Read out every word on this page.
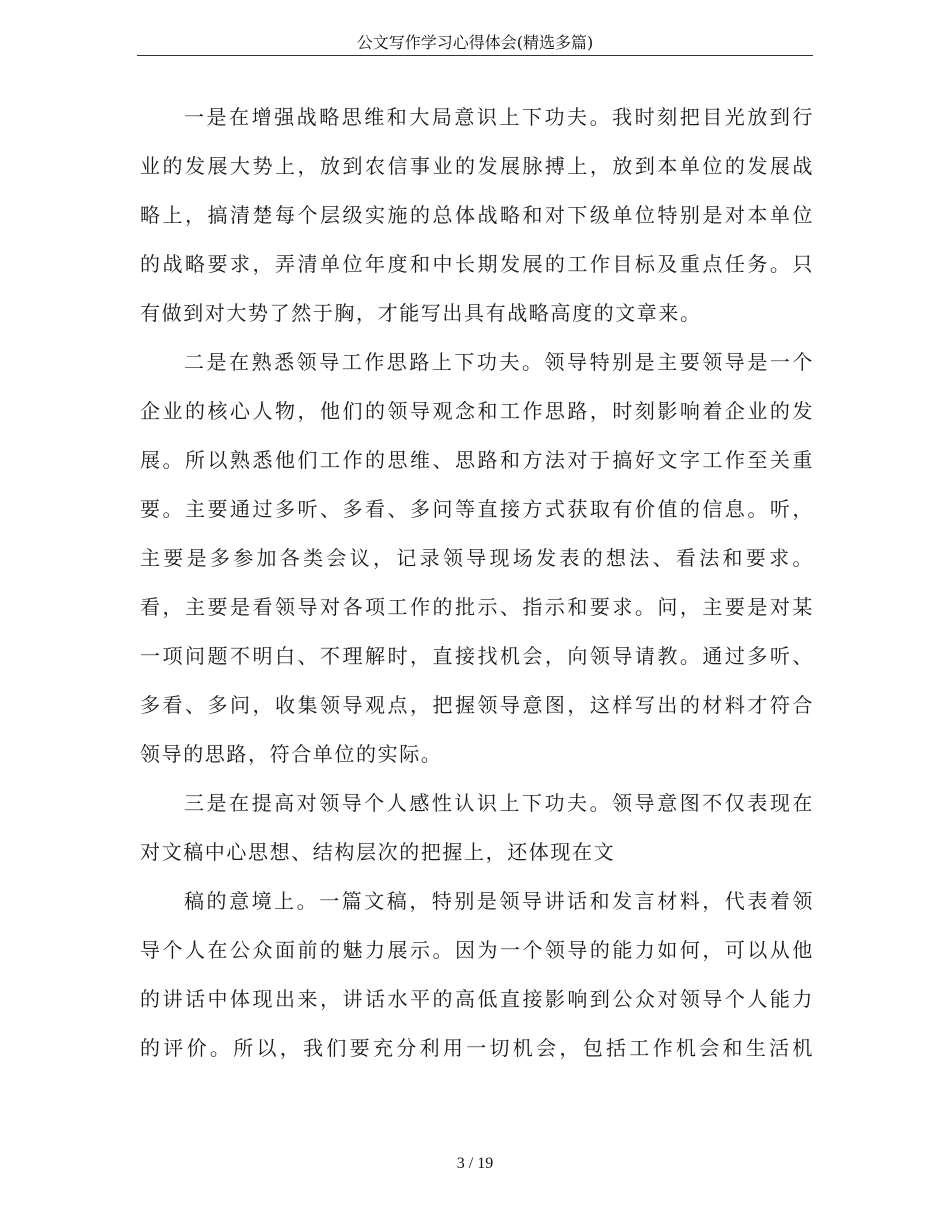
公文写作学习心得体会(精选多篇)
一是在增强战略思维和大局意识上下功夫。我时刻把目光放到行
业的发展大势上，放到农信事业的发展脉搏上，放到本单位的发展战
略上，搞清楚每个层级实施的总体战略和对下级单位特别是对本单位
的战略要求，弄清单位年度和中长期发展的工作目标及重点任务。只
有做到对大势了然于胸，才能写出具有战略高度的文章来。
二是在熟悉领导工作思路上下功夫。领导特别是主要领导是一个
企业的核心人物，他们的领导观念和工作思路，时刻影响着企业的发
展。所以熟悉他们工作的思维、思路和方法对于搞好文字工作至关重
要。主要通过多听、多看、多问等直接方式获取有价值的信息。听，
主要是多参加各类会议，记录领导现场发表的想法、看法和要求。
看，主要是看领导对各项工作的批示、指示和要求。问，主要是对某
一项问题不明白、不理解时，直接找机会，向领导请教。通过多听、
多看、多问，收集领导观点，把握领导意图，这样写出的材料才符合
领导的思路，符合单位的实际。
三是在提高对领导个人感性认识上下功夫。领导意图不仅表现在
对文稿中心思想、结构层次的把握上，还体现在文
稿的意境上。一篇文稿，特别是领导讲话和发言材料，代表着领
导个人在公众面前的魅力展示。因为一个领导的能力如何，可以从他
的讲话中体现出来，讲话水平的高低直接影响到公众对领导个人能力
的评价。所以，我们要充分利用一切机会，包括工作机会和生活机
3 / 19
